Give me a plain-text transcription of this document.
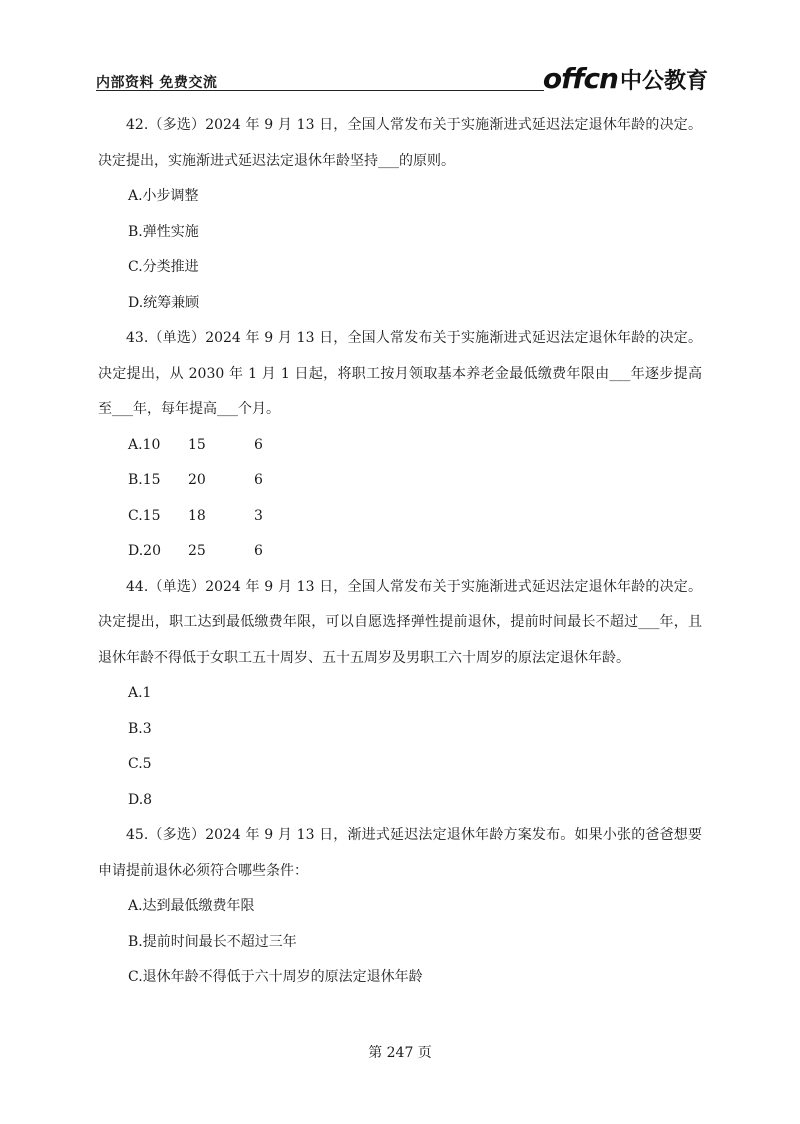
内部资料 免费交流	offcn 中公教育

42.（多选）2024 年 9 月 13 日，全国人常发布关于实施渐进式延迟法定退休年龄的决定。决定提出，实施渐进式延迟法定退休年龄坚持___的原则。

A.小步调整

B.弹性实施

C.分类推进

D.统筹兼顾

43.（单选）2024 年 9 月 13 日，全国人常发布关于实施渐进式延迟法定退休年龄的决定。决定提出，从 2030 年 1 月 1 日起，将职工按月领取基本养老金最低缴费年限由___年逐步提高至___年，每年提高___个月。

A.10 15	6

B.15 20	6

C.15 18	3

D.20 25	6

44.（单选）2024 年 9 月 13 日，全国人常发布关于实施渐进式延迟法定退休年龄的决定。决定提出，职工达到最低缴费年限，可以自愿选择弹性提前退休，提前时间最长不超过___年，且退休年龄不得低于女职工五十周岁、五十五周岁及男职工六十周岁的原法定退休年龄。

A.1

B.3

C.5

D.8

45.（多选）2024 年 9 月 13 日，渐进式延迟法定退休年龄方案发布。如果小张的爸爸想要申请提前退休必须符合哪些条件：

A.达到最低缴费年限

B.提前时间最长不超过三年

C.退休年龄不得低于六十周岁的原法定退休年龄

第 247 页
